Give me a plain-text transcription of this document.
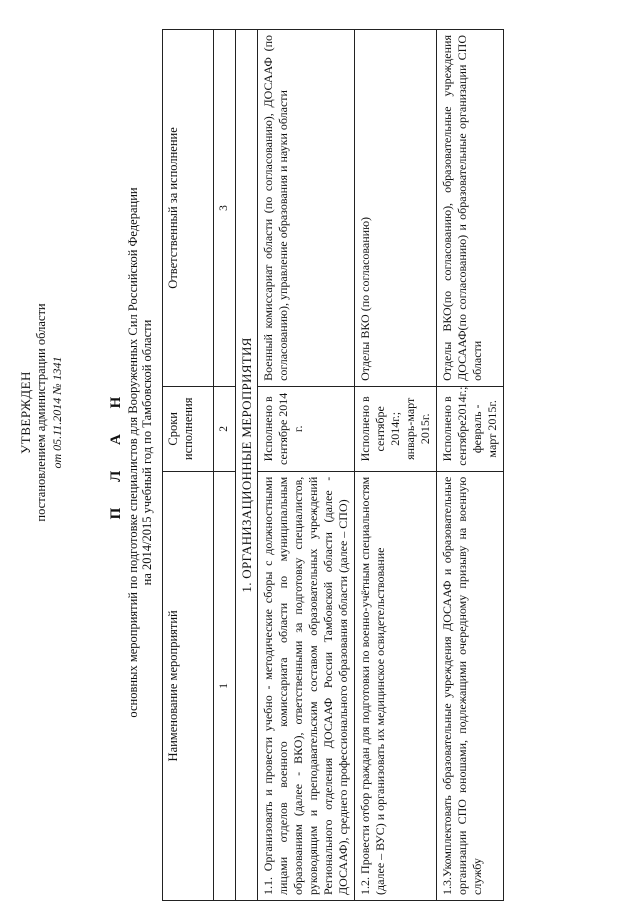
УТВЕРЖДЕН постановлением администрации области от 05.11.2014 № 1341	П Л А Н основных мероприятий по подготовке специалистов для Вооруженных Сил Российской Федерации на 2014/2015 учебный год по Тамбовской области
Наименование мероприятий	Сроки исполнения	Ответственный за исполнение
1	2	3
1. ОРГАНИЗАЦИОННЫЕ МЕРОПРИЯТИЯ		
1.1. Организовать и провести учебно - методические сборы с должностными лицами отделов военного комиссариата области по муниципальным образованиям (далее - ВКО), ответственными за подготовку специалистов, руководящим и преподавательским составом образовательных учреждений Регионального отделения ДОСААФ России Тамбовской области (далее - ДОСААФ), среднего профессионального образования области (далее – СПО)	Исполнено в сентябре 2014 г.	Военный комиссариат области (по согласованию), ДОСААФ (по согласованию), управление образования и науки области
1.2. Провести отбор граждан для подготовки по военно-учётным специальностям (далее – ВУС) и организовать их медицинское освидетельствование	Исполнено в сентябре 2014г.; январь-март 2015г.	Отделы ВКО (по согласованию)
1.3.Укомплектовать образовательные учреждения ДОСААФ и образовательные организации СПО юношами, подлежащими очередному призыву на военную службу	Исполнено в сентябре2014г.; февраль - март 2015г.	Отделы ВКО(по согласованию), образовательные учреждения ДОСААФ(по согласованию) и образовательные организации СПО области
